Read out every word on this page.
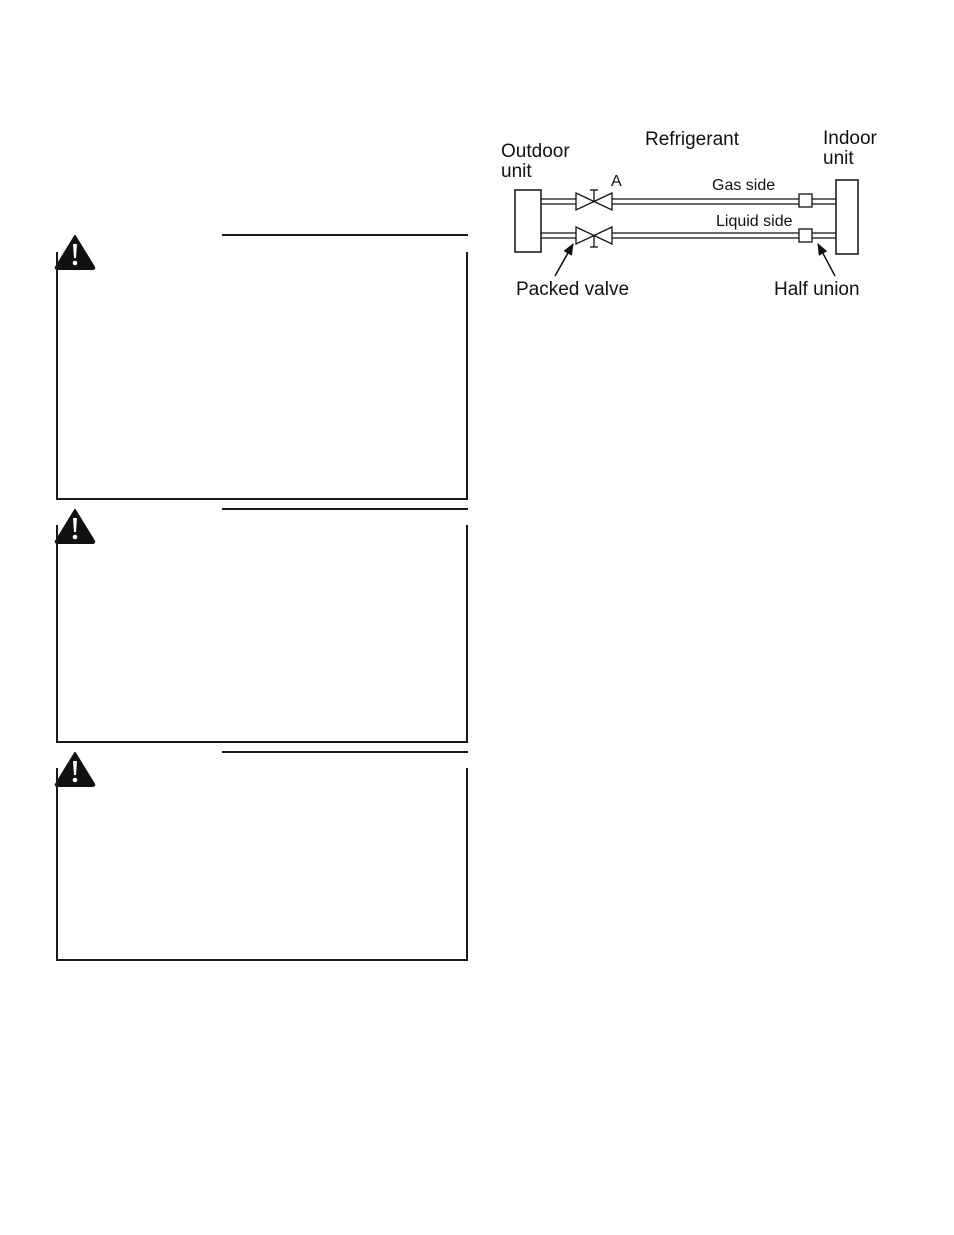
Outdoor
unit
Refrigerant	Indoor
unit
A	Gas side
Liquid side
Packed valve	Half union
